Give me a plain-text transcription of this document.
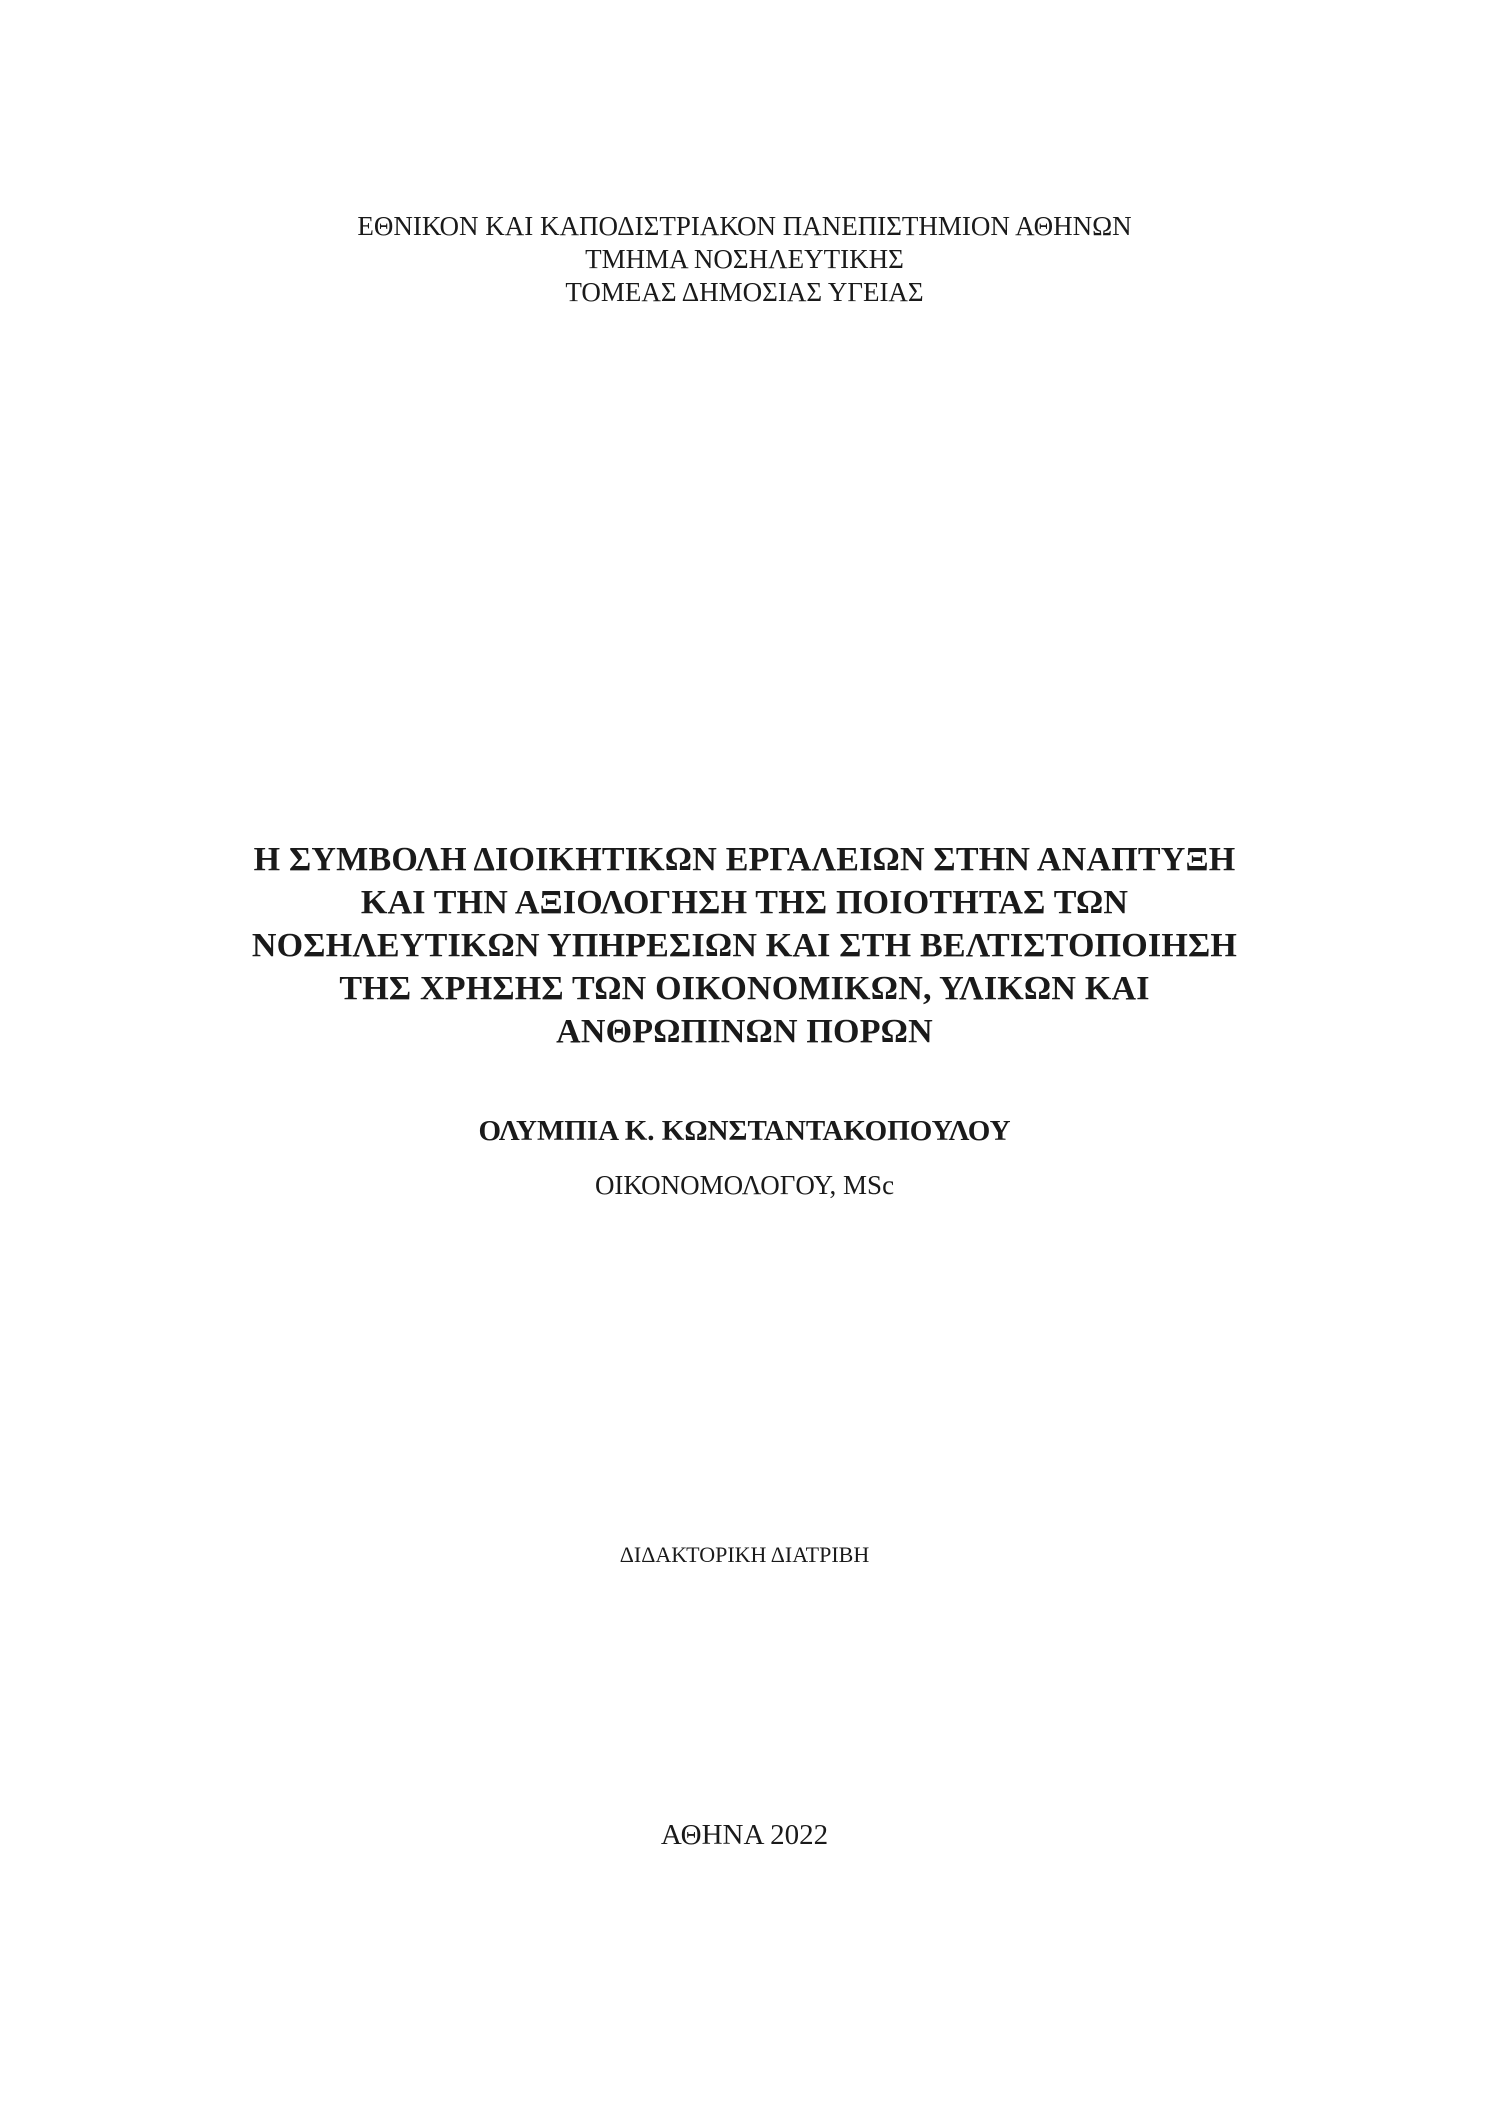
ΕΘΝΙΚΟΝ ΚΑΙ ΚΑΠΟΔΙΣΤΡΙΑΚΟΝ ΠΑΝΕΠΙΣΤΗΜΙΟΝ ΑΘΗΝΩΝ
ΤΜΗΜΑ ΝΟΣΗΛΕΥΤΙΚΗΣ
ΤΟΜΕΑΣ ΔΗΜΟΣΙΑΣ ΥΓΕΙΑΣ
Η ΣΥΜΒΟΛΗ ΔΙΟΙΚΗΤΙΚΩΝ ΕΡΓΑΛΕΙΩΝ ΣΤΗΝ ΑΝΑΠΤΥΞΗ
ΚΑΙ ΤΗΝ ΑΞΙΟΛΟΓΗΣΗ ΤΗΣ ΠΟΙΟΤΗΤΑΣ ΤΩΝ
ΝΟΣΗΛΕΥΤΙΚΩΝ ΥΠΗΡΕΣΙΩΝ ΚΑΙ ΣΤΗ ΒΕΛΤΙΣΤΟΠΟΙΗΣΗ
ΤΗΣ ΧΡΗΣΗΣ ΤΩΝ ΟΙΚΟΝΟΜΙΚΩΝ, ΥΛΙΚΩΝ ΚΑΙ
ΑΝΘΡΩΠΙΝΩΝ ΠΟΡΩΝ
ΟΛΥΜΠΙΑ Κ. ΚΩΝΣΤΑΝΤΑΚΟΠΟΥΛΟΥ
ΟΙΚΟΝΟΜΟΛΟΓΟΥ, MSc
ΔΙΔΑΚΤΟΡΙΚΗ ΔΙΑΤΡΙΒΗ
ΑΘΗΝΑ 2022
